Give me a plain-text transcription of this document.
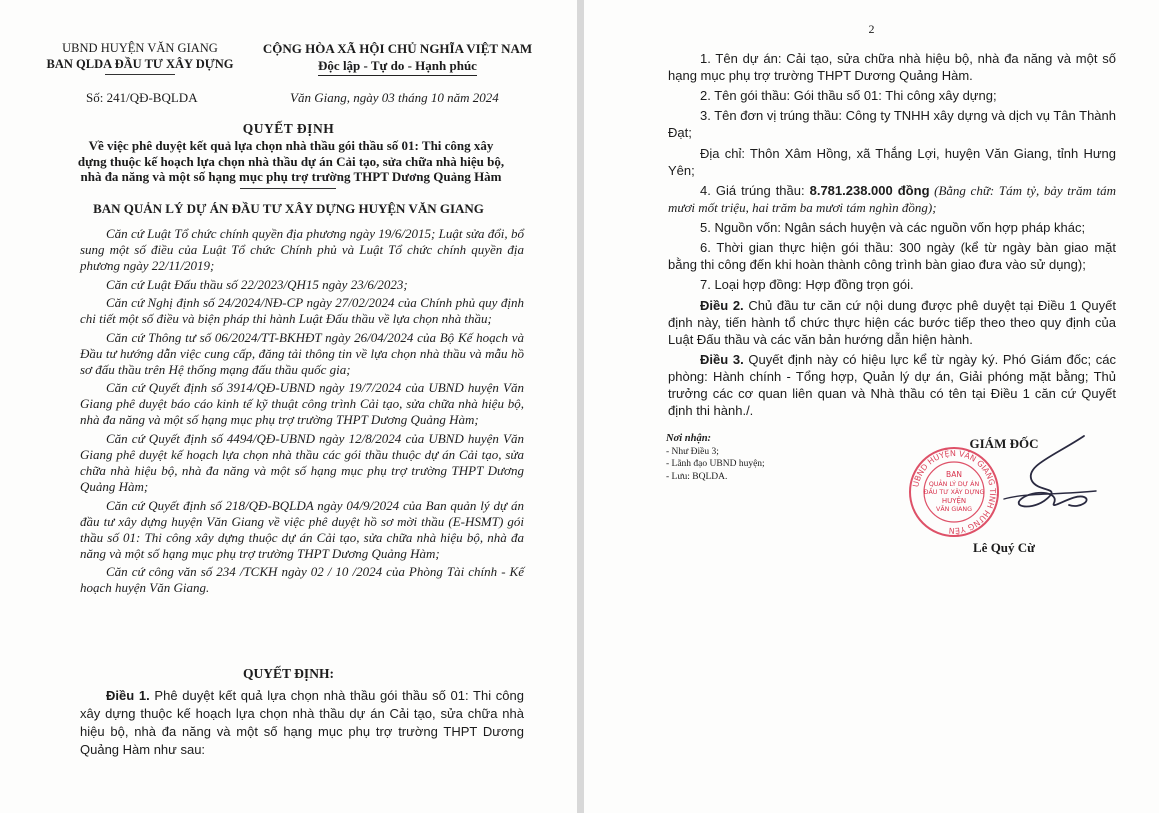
UBND HUYỆN VĂN GIANG
BAN QLDA ĐẦU TƯ XÂY DỰNG
CỘNG HÒA XÃ HỘI CHỦ NGHĨA VIỆT NAM
Độc lập - Tự do - Hạnh phúc
Số: 241/QĐ-BQLDA	Văn Giang, ngày 03 tháng 10 năm 2024
QUYẾT ĐỊNH
Về việc phê duyệt kết quả lựa chọn nhà thầu gói thầu số 01: Thi công xây dựng thuộc kế hoạch lựa chọn nhà thầu dự án Cải tạo, sửa chữa nhà hiệu bộ, nhà đa năng và một số hạng mục phụ trợ trường THPT Dương Quảng Hàm
BAN QUẢN LÝ DỰ ÁN ĐẦU TƯ XÂY DỰNG HUYỆN VĂN GIANG

Căn cứ Luật Tổ chức chính quyền địa phương ngày 19/6/2015; Luật sửa đổi, bổ sung một số điều của Luật Tổ chức Chính phủ và Luật Tổ chức chính quyền địa phương ngày 22/11/2019;

Căn cứ Luật Đấu thầu số 22/2023/QH15 ngày 23/6/2023;

Căn cứ Nghị định số 24/2024/NĐ-CP ngày 27/02/2024 của Chính phủ quy định chi tiết một số điều và biện pháp thi hành Luật Đấu thầu về lựa chọn nhà thầu;

Căn cứ Thông tư số 06/2024/TT-BKHĐT ngày 26/04/2024 của Bộ Kế hoạch và Đầu tư hướng dẫn việc cung cấp, đăng tải thông tin về lựa chọn nhà thầu và mẫu hồ sơ đấu thầu trên Hệ thống mạng đấu thầu quốc gia;

Căn cứ Quyết định số 3914/QĐ-UBND ngày 19/7/2024 của UBND huyện Văn Giang phê duyệt báo cáo kinh tế kỹ thuật công trình Cải tạo, sửa chữa nhà hiệu bộ, nhà đa năng và một số hạng mục phụ trợ trường THPT Dương Quảng Hàm;

Căn cứ Quyết định số 4494/QĐ-UBND ngày 12/8/2024 của UBND huyện Văn Giang phê duyệt kế hoạch lựa chọn nhà thầu các gói thầu thuộc dự án Cải tạo, sửa chữa nhà hiệu bộ, nhà đa năng và một số hạng mục phụ trợ trường THPT Dương Quảng Hàm;

Căn cứ Quyết định số 218/QĐ-BQLDA ngày 04/9/2024 của Ban quản lý dự án đầu tư xây dựng huyện Văn Giang về việc phê duyệt hồ sơ mời thầu (E-HSMT) gói thầu số 01: Thi công xây dựng thuộc dự án Cải tạo, sửa chữa nhà hiệu bộ, nhà đa năng và một số hạng mục phụ trợ trường THPT Dương Quảng Hàm;

Căn cứ công văn số 234 /TCKH ngày 02 / 10 /2024 của Phòng Tài chính - Kế hoạch huyện Văn Giang.

QUYẾT ĐỊNH:

Điều 1. Phê duyệt kết quả lựa chọn nhà thầu gói thầu số 01: Thi công xây dựng thuộc kế hoạch lựa chọn nhà thầu dự án Cải tạo, sửa chữa nhà hiệu bộ, nhà đa năng và một số hạng mục phụ trợ trường THPT Dương Quảng Hàm như sau:

2

1. Tên dự án: Cải tạo, sửa chữa nhà hiệu bộ, nhà đa năng và một số hạng mục phụ trợ trường THPT Dương Quảng Hàm.

2. Tên gói thầu: Gói thầu số 01: Thi công xây dựng;

3. Tên đơn vị trúng thầu: Công ty TNHH xây dựng và dịch vụ Tân Thành Đạt;

Địa chỉ: Thôn Xâm Hồng, xã Thắng Lợi, huyện Văn Giang, tỉnh Hưng Yên;

4. Giá trúng thầu: 8.781.238.000 đồng (Bằng chữ: Tám tỷ, bảy trăm tám mươi mốt triệu, hai trăm ba mươi tám nghìn đồng);

5. Nguồn vốn: Ngân sách huyện và các nguồn vốn hợp pháp khác;

6. Thời gian thực hiện gói thầu: 300 ngày (kể từ ngày bàn giao mặt bằng thi công đến khi hoàn thành công trình bàn giao đưa vào sử dụng);

7. Loại hợp đồng: Hợp đồng trọn gói.

Điều 2. Chủ đầu tư căn cứ nội dung được phê duyệt tại Điều 1 Quyết định này, tiến hành tổ chức thực hiện các bước tiếp theo theo quy định của Luật Đấu thầu và các văn bản hướng dẫn hiện hành.

Điều 3. Quyết định này có hiệu lực kể từ ngày ký. Phó Giám đốc; các phòng: Hành chính - Tổng hợp, Quản lý dự án, Giải phóng mặt bằng; Thủ trưởng các cơ quan liên quan và Nhà thầu có tên tại Điều 1 căn cứ Quyết định thi hành./.

Nơi nhận:
- Như Điều 3;
- Lãnh đạo UBND huyện;
- Lưu: BQLDA.
GIÁM ĐỐC
UBND HUYỆN VĂN GIANG TỈNH HƯNG YÊN
BAN
QUẢN LÝ DỰ ÁN
ĐẦU TƯ XÂY DỰNG
HUYỆN
VĂN GIANG
Lê Quý Cừ
